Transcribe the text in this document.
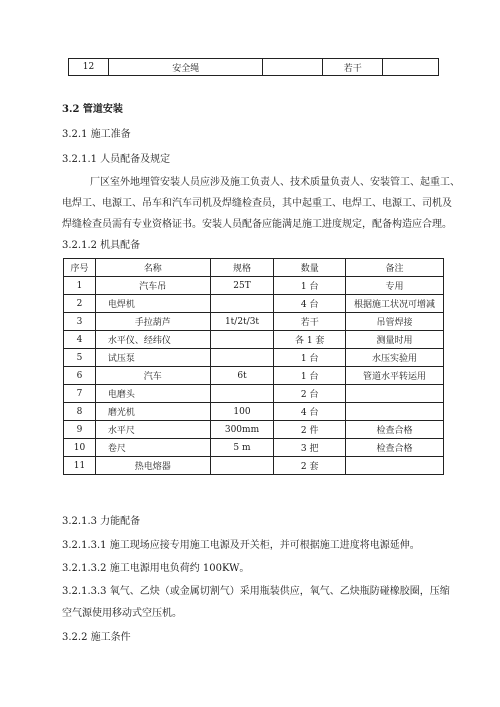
12	安全绳		若干	
3.2 管道安装
3.2.1 施工准备
3.2.1.1 人员配备及规定
厂区室外地埋管安装人员应涉及施工负责人、技术质量负责人、安装管工、起重工、
电焊工、电源工、吊车和汽车司机及焊缝检查员，其中起重工、电焊工、电源工、司机及
焊缝检查员需有专业资格证书。安装人员配备应能满足施工进度规定，配备构造应合理。
3.2.1.2 机具配备
序号	名称	规格	数量	备注
1	汽车吊	25T	1 台	专用
2	电焊机		4 台	根据施工状况可增减
3	手拉葫芦	1t/2t/3t	若干	吊管焊接
4	水平仪、经纬仪		各 1 套	测量时用
5	试压泵		1 台	水压实验用
6	汽车	6t	1 台	管道水平转运用
7	电磨头		2 台	
8	磨光机	100	4 台	
9	水平尺	300mm	2 件	检查合格
10	卷尺	5 m	3 把	检查合格
11	热电熔器		2 套	
3.2.1.3 力能配备
3.2.1.3.1 施工现场应接专用施工电源及开关柜，并可根据施工进度将电源延伸。
3.2.1.3.2 施工电源用电负荷约 100KW。
3.2.1.3.3 氧气、乙炔（或金属切割气）采用瓶装供应，氧气、乙炔瓶防碰橡胶圈，压缩
空气源使用移动式空压机。
3.2.2 施工条件
